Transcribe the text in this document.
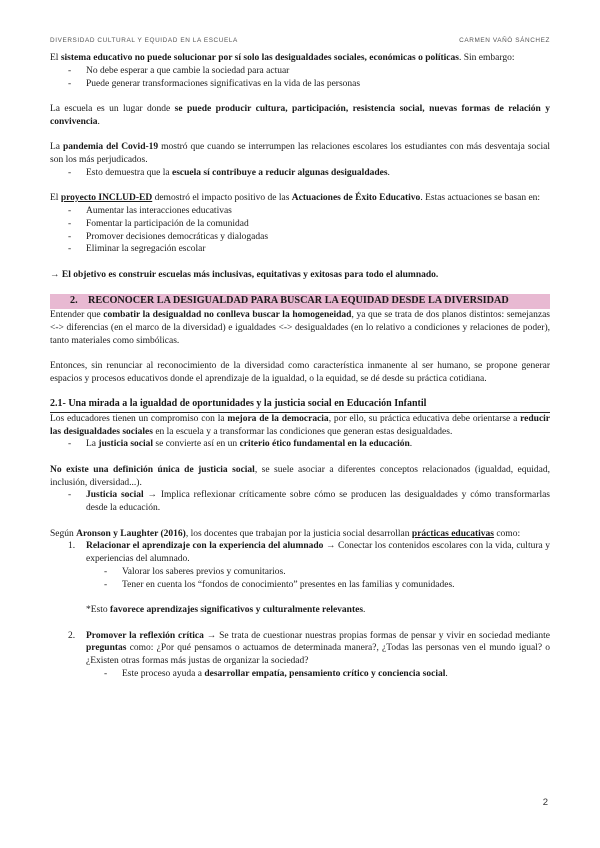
DIVERSIDAD CULTURAL Y EQUIDAD EN LA ESCUELA	CARMEN VAÑÓ SÁNCHEZ

El sistema educativo no puede solucionar por sí solo las desigualdades sociales, económicas o políticas. Sin embargo:

- No debe esperar a que cambie la sociedad para actuar
- Puede generar transformaciones significativas en la vida de las personas

La escuela es un lugar donde se puede producir cultura, participación, resistencia social, nuevas formas de relación y convivencia.

La pandemia del Covid-19 mostró que cuando se interrumpen las relaciones escolares los estudiantes con más desventaja social son los más perjudicados.

- Esto demuestra que la escuela sí contribuye a reducir algunas desigualdades.

El proyecto INCLUD-ED demostró el impacto positivo de las Actuaciones de Éxito Educativo. Estas actuaciones se basan en:

- Aumentar las interacciones educativas
- Fomentar la participación de la comunidad
- Promover decisiones democráticas y dialogadas
- Eliminar la segregación escolar

→ El objetivo es construir escuelas más inclusivas, equitativas y exitosas para todo el alumnado.

2. RECONOCER LA DESIGUALDAD PARA BUSCAR LA EQUIDAD DESDE LA DIVERSIDAD

Entender que combatir la desigualdad no conlleva buscar la homogeneidad, ya que se trata de dos planos distintos: semejanzas <-> diferencias (en el marco de la diversidad) e igualdades <-> desigualdades (en lo relativo a condiciones y relaciones de poder), tanto materiales como simbólicas.

Entonces, sin renunciar al reconocimiento de la diversidad como característica inmanente al ser humano, se propone generar espacios y procesos educativos donde el aprendizaje de la igualdad, o la equidad, se dé desde su práctica cotidiana.

2.1- Una mirada a la igualdad de oportunidades y la justicia social en Educación Infantil

Los educadores tienen un compromiso con la mejora de la democracia, por ello, su práctica educativa debe orientarse a reducir las desigualdades sociales en la escuela y a transformar las condiciones que generan estas desigualdades.

- La justicia social se convierte así en un criterio ético fundamental en la educación.

No existe una definición única de justicia social, se suele asociar a diferentes conceptos relacionados (igualdad, equidad, inclusión, diversidad...).

- Justicia social → Implica reflexionar críticamente sobre cómo se producen las desigualdades y cómo transformarlas desde la educación.

Según Aronson y Laughter (2016), los docentes que trabajan por la justicia social desarrollan prácticas educativas como:

1. Relacionar el aprendizaje con la experiencia del alumnado → Conectar los contenidos escolares con la vida, cultura y experiencias del alumnado.
- Valorar los saberes previos y comunitarios.
- Tener en cuenta los “fondos de conocimiento” presentes en las familias y comunidades.

*Esto favorece aprendizajes significativos y culturalmente relevantes.

2. Promover la reflexión crítica → Se trata de cuestionar nuestras propias formas de pensar y vivir en sociedad mediante preguntas como: ¿Por qué pensamos o actuamos de determinada manera?, ¿Todas las personas ven el mundo igual? o ¿Existen otras formas más justas de organizar la sociedad?
- Este proceso ayuda a desarrollar empatía, pensamiento crítico y conciencia social.
2
